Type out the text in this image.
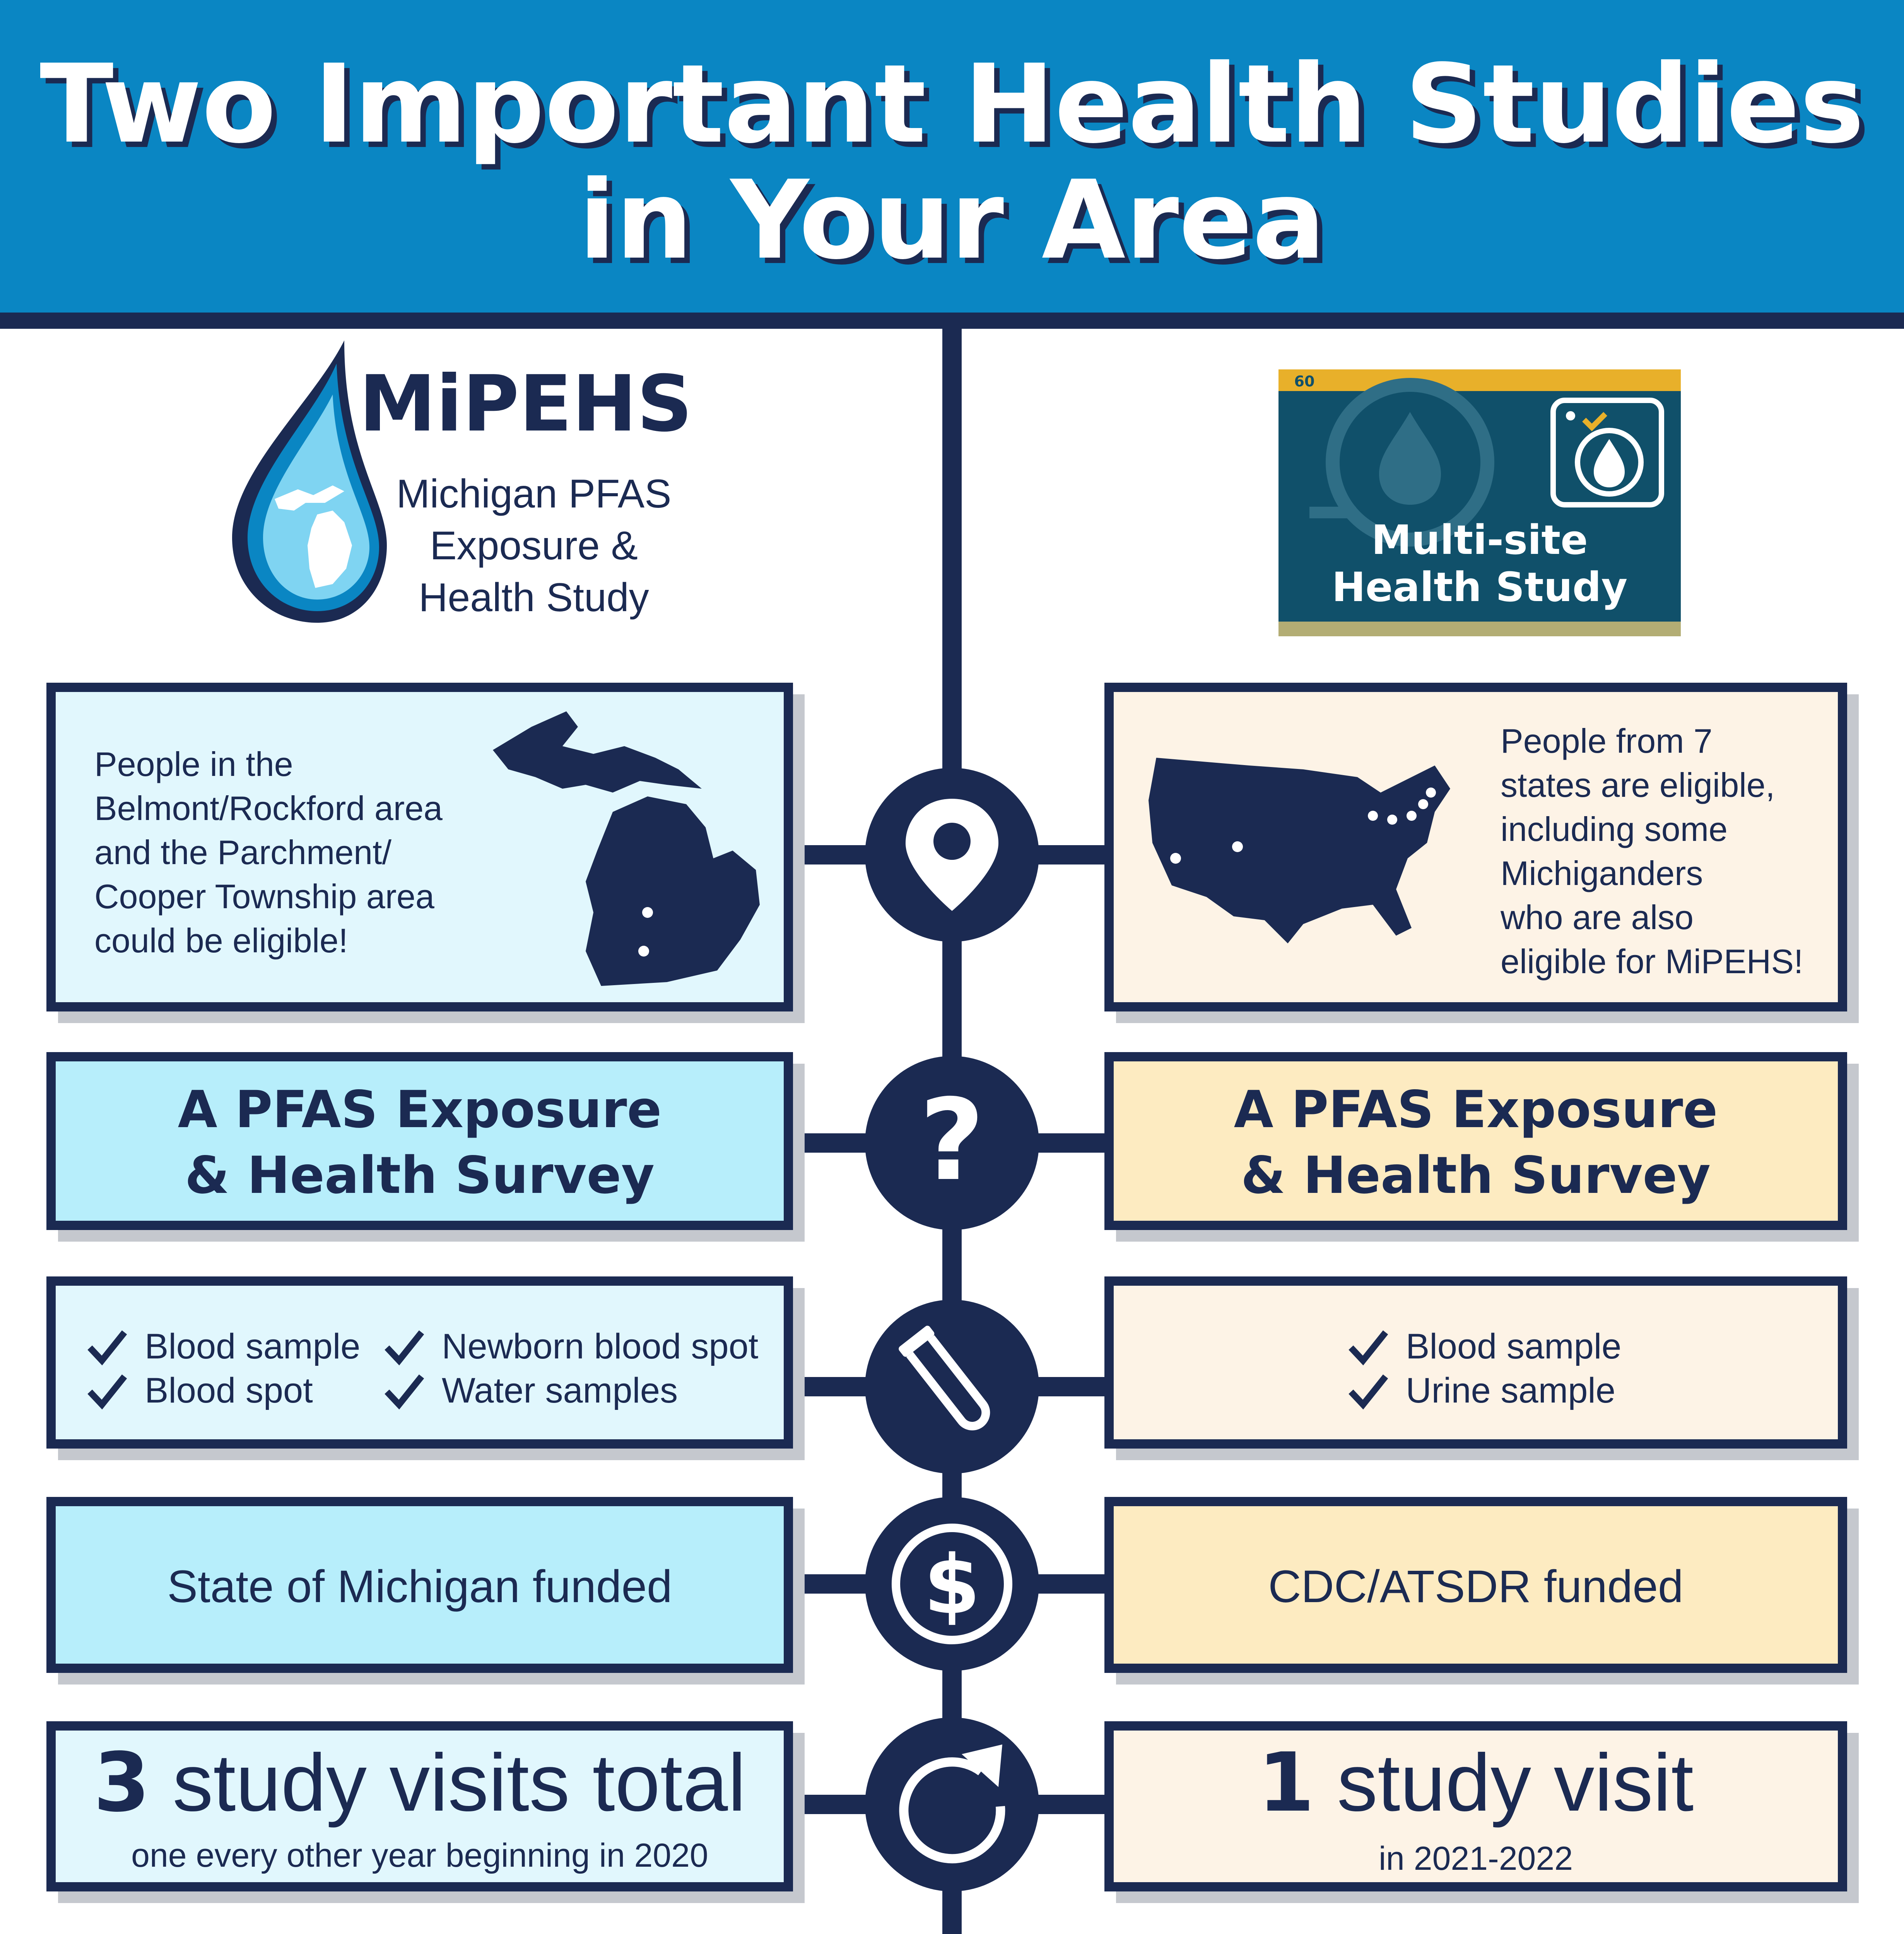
Two Important Health Studies
in Your Area
MiPEHS
Michigan PFAS
Exposure &
Health Study
60
Multi-site
Health Study
People in the
Belmont/Rockford area
and the Parchment/
Cooper Township area
could be eligible!
People from 7
states are eligible,
including some
Michiganders
who are also
eligible for MiPEHS!
?
A PFAS Exposure
& Health Survey
A PFAS Exposure
& Health Survey
Blood sample
Blood spot
Newborn blood spot
Water samples
Blood sample
Urine sample
$
State of Michigan funded	CDC/ATSDR funded
3 study visits total
one every other year beginning in 2020
1 study visit
in 2021-2022
